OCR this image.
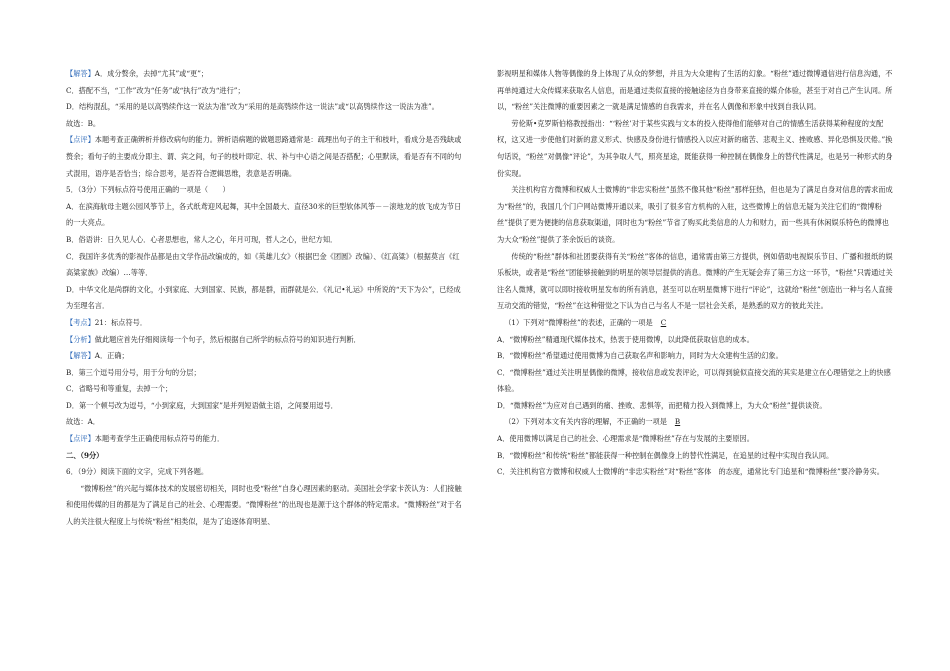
【解答】A．成分赘余，去掉“尤其”或“更”；

C．搭配不当，“工作”改为“任务”或“执行”改为“进行”；

D．结构混乱，“采用的是以高鸮续作这一说法为准”改为“采用的是高鸮续作这一说法”或“以高鸮续作这一说法为准”。

故选：B。

【点评】本题考查正确辨析并修改病句的能力。辨析语病题的做题思路通常是：疏理出句子的主干和枝叶，看成分是否残缺或赘余；看句子的主要成分即主、谓、宾之间，句子的枝叶即定、状、补与中心语之间是否搭配；心里默读，看是否有不同的句式混用，语序是否恰当；综合思考，是否符合逻辑思维，表意是否明确。

5．（3分）下列标点符号使用正确的一项是（　　）

A．在滨海航母主题公园风筝节上，各式纸鸢迎风起舞，其中全国最大、直径30米的巨型软体风筝－－滚地龙的放飞成为节日的一大亮点。

B．俗语讲：日久见人心．心者思想也，常人之心，年月可现，哲人之心，世纪方知．

C．我国许多优秀的影视作品都是由文学作品改编成的，如《英雄儿女》（根据巴金《团圆》改编）、《红高粱》（根据莫言《红高粱家族》改编）…等等．

D．中华文化是尚群的文化，小到家庭、大到国家、民族，都是群，而群就是公．《礼记•礼运》中所说的“天下为公”，已经成为至理名言．

【考点】21：标点符号．

【分析】做此题应首先仔细阅读每一个句子，然后根据自己所学的标点符号的知识进行判断．

【解答】A．正确；

B．第三个逗号用分号，用于分句的分层；

C．省略号和等重复，去掉一个；

D．第一个顿号改为逗号，“小到家庭，大到国家”是并列短语做主语，之间要用逗号．

故选：A．

【点评】本题考查学生正确使用标点符号的能力．

二、（9分）

6．（9分）阅读下面的文字，完成下列各题。

“微博粉丝”的兴起与媒体技术的发展密切相关，同时也受“粉丝”自身心理因素的驱动。美国社会学家卡茨认为：人们接触和使用传媒的目的都是为了满足自己的社会、心理需要。“微博粉丝”的出现也是源于这个群体的特定需求。“微博粉丝”对于名人的关注很大程度上与传统“粉丝”相类似，是为了追逐体育明星、

影视明星和媒体人物等偶像的身上体现了从众的梦想，并且为大众建构了生活的幻象。“粉丝”通过微博通信进行信息沟通，不再单纯通过大众传媒来获取名人信息，而是通过类似直接的接触途径为自身带来直接的媒介体验，甚至于对自己产生认同。所以，“粉丝”关注微博的重要因素之一就是满足情感的自我需求，并在名人偶像和形象中找到自我认同。

劳伦斯•克罗斯伯格教授指出：“‘粉丝’对于某些实践与文本的投入使得他们能够对自己的情感生活获得某种程度的支配权，这又进一步使他们对新的意义形式、快感及身份进行情感投入以应对新的痛苦、悲观主义、挫败感、异化恐惧及厌倦。”换句话说，“粉丝”对偶像“评论”，为其争取人气，照亮星途，既能获得一种控制在偶像身上的替代性满足，也是另一种形式的身份实现。

关注机构官方微博和权威人士微博的“非忠实粉丝”虽然不像其他“粉丝”那样狂热，但也是为了满足自身对信息的需求而成为“粉丝”的，我国几个门户网站微博开通以来，吸引了很多官方机构的入驻，这些微博上的信息无疑为关注它们的“微博粉丝”提供了更为便捷的信息获取渠道，同时也为“粉丝”节省了购买此类信息的人力和财力，而一些具有休闲娱乐特色的微博也为大众“粉丝”提供了茶余饭后的谈资。

传统的“粉丝”群体和社团要获得有关“粉丝”客体的信息，通常需由第三方提供，例如借助电视娱乐节目、广播和报纸的娱乐板块，或者是“粉丝”团能够接触到的明星的领导层提供的消息。微博的产生无疑会弃了第三方这一环节，“粉丝”只需通过关注名人微博，就可以即时接收明星发布的所有消息，甚至可以在明星微博下进行“评论”，这就给“粉丝”创造出一种与名人直接互动交流的错觉，“粉丝”在这种错觉之下认为自己与名人不是一层社会关系，是熟悉的双方的彼此关注。

（1）下列对“微博粉丝”的表述，正确的一项是 C

A．“微博粉丝”精通现代媒体技术，热衷于使用微博，以此降低获取信息的成本。

B．“微博粉丝”希望通过使用微博为自己获取名声和影响力，同时为大众建构生活的幻象。

C．“微博粉丝”通过关注明星偶像的微博，接收信息或发表评论，可以得到貌似直接交流的其实是建立在心理错觉之上的快感体验。

D．“微博粉丝”为应对自己遇到的痛、挫败、悲惧等，而把精力投入到微博上，为大众“粉丝”提供谈资。

（2）下列对本文有关内容的理解，不正确的一项是 B

A．使用微博以满足自己的社会、心理需求是“微博粉丝”存在与发展的主要原因。

B．“微博粉丝”和传统“粉丝”都能获得一种控制在偶像身上的替代性满足，在追星的过程中实现自我认同。

C．关注机构官方微博和权威人士微博的“非忠实粉丝”对“粉丝”客体　的态度，通常比专门追星和“微博粉丝”要冷静务实。
